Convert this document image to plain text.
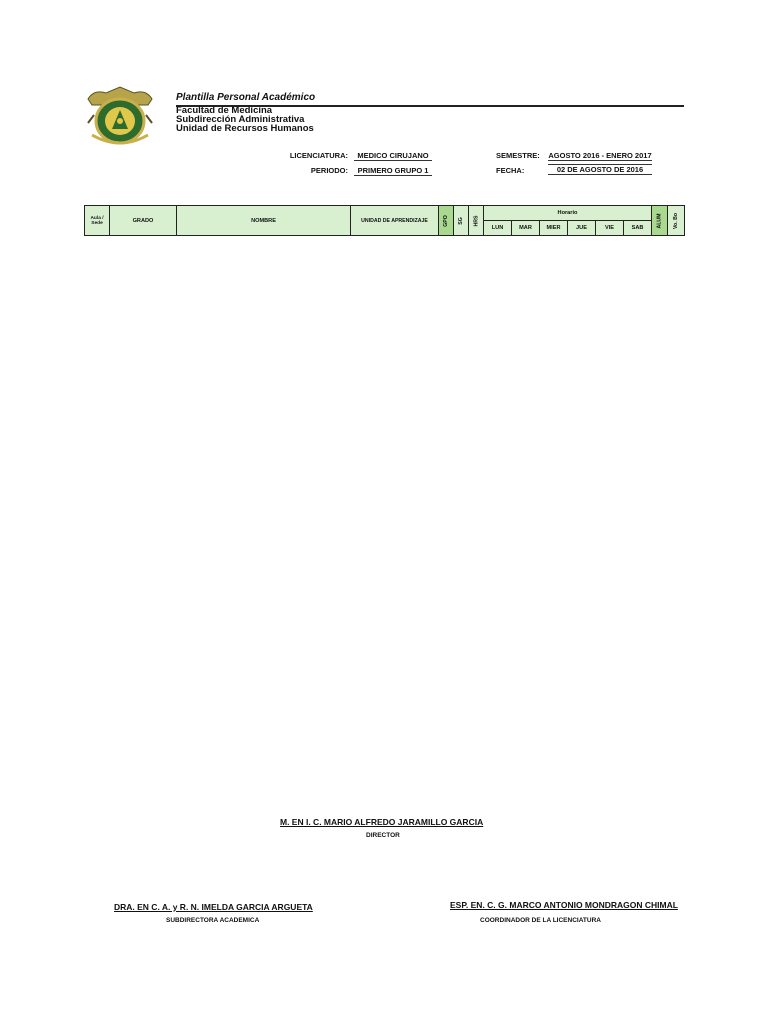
Plantilla Personal Académico
Facultad de Medicina
Subdirección Administrativa
Unidad de Recursos Humanos
LICENCIATURA:	MEDICO CIRUJANO
PERIODO:	PRIMERO GRUPO 1
SEMESTRE: AGOSTO 2016 - ENERO 2017
FECHA:	02 DE AGOSTO DE 2016
Aula / Sede	GRADO	NOMBRE	UNIDAD DE APRENDIZAJE	GPO	SG	HRS	Horario						ALUM	Vo. Bo
							LUN	MAR	MIER	JUE	VIE	SAB		
M. EN I. C. MARIO ALFREDO JARAMILLO GARCIA
DIRECTOR
DRA. EN C. A. y R. N. IMELDA GARCIA ARGUETA
SUBDIRECTORA ACADEMICA
ESP. EN. C. G. MARCO ANTONIO MONDRAGON CHIMAL
COORDINADOR DE LA LICENCIATURA
